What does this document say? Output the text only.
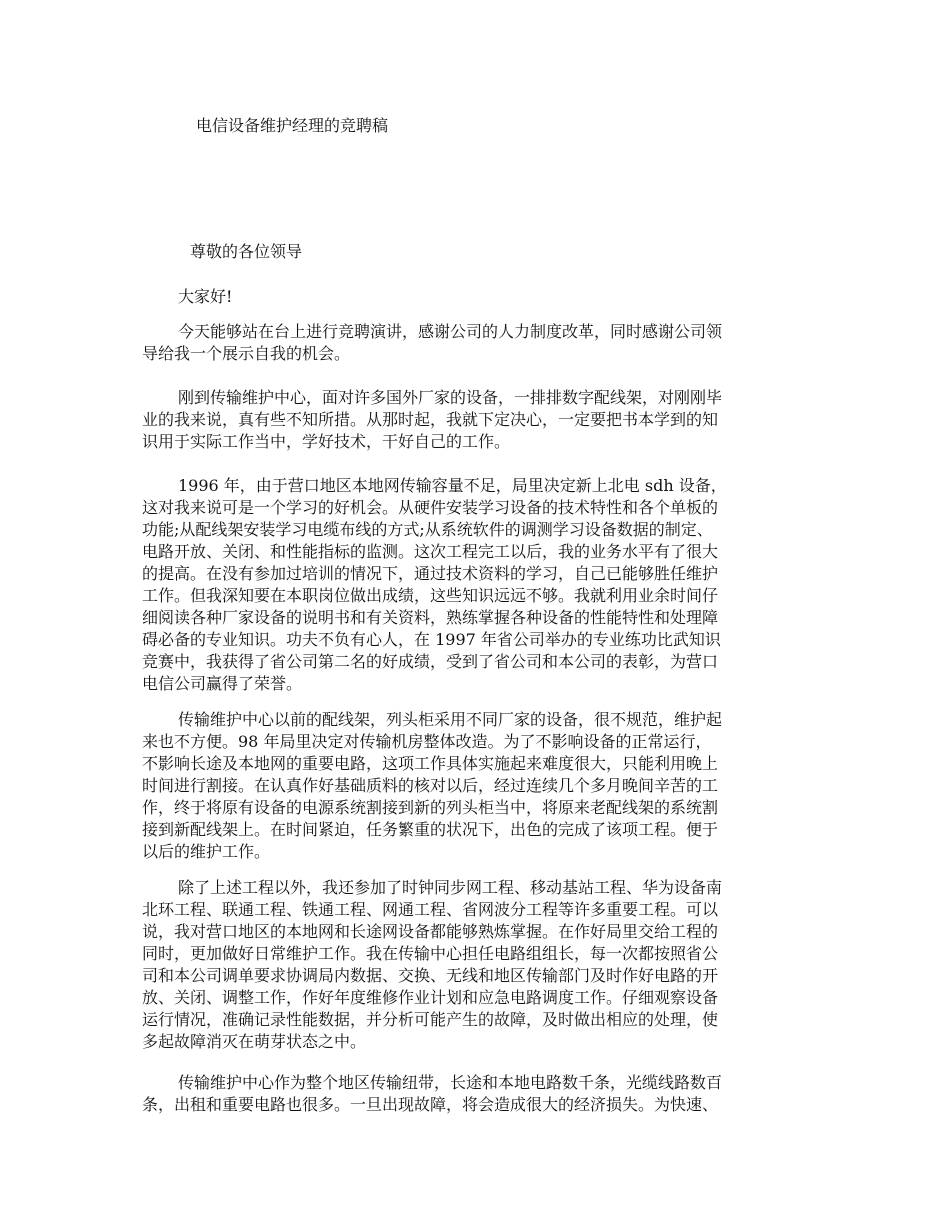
电信设备维护经理的竞聘稿
尊敬的各位领导
大家好!
今天能够站在台上进行竞聘演讲，感谢公司的人力制度改革，同时感谢公司领
导给我一个展示自我的机会。
刚到传输维护中心，面对许多国外厂家的设备，一排排数字配线架，对刚刚毕
业的我来说，真有些不知所措。从那时起，我就下定决心，一定要把书本学到的知
识用于实际工作当中，学好技术，干好自己的工作。
1996 年，由于营口地区本地网传输容量不足，局里决定新上北电 sdh 设备，
这对我来说可是一个学习的好机会。从硬件安装学习设备的技术特性和各个单板的
功能;从配线架安装学习电缆布线的方式;从系统软件的调测学习设备数据的制定、
电路开放、关闭、和性能指标的监测。这次工程完工以后，我的业务水平有了很大
的提高。在没有参加过培训的情况下，通过技术资料的学习，自己已能够胜任维护
工作。但我深知要在本职岗位做出成绩，这些知识远远不够。我就利用业余时间仔
细阅读各种厂家设备的说明书和有关资料，熟练掌握各种设备的性能特性和处理障
碍必备的专业知识。功夫不负有心人，在 1997 年省公司举办的专业练功比武知识
竞赛中，我获得了省公司第二名的好成绩，受到了省公司和本公司的表彰，为营口
电信公司赢得了荣誉。
传输维护中心以前的配线架，列头柜采用不同厂家的设备，很不规范，维护起
来也不方便。98 年局里决定对传输机房整体改造。为了不影响设备的正常运行，
不影响长途及本地网的重要电路，这项工作具体实施起来难度很大，只能利用晚上
时间进行割接。在认真作好基础质料的核对以后，经过连续几个多月晚间辛苦的工
作，终于将原有设备的电源系统割接到新的列头柜当中，将原来老配线架的系统割
接到新配线架上。在时间紧迫，任务繁重的状况下，出色的完成了该项工程。便于
以后的维护工作。
除了上述工程以外，我还参加了时钟同步网工程、移动基站工程、华为设备南
北环工程、联通工程、铁通工程、网通工程、省网波分工程等许多重要工程。可以
说，我对营口地区的本地网和长途网设备都能够熟炼掌握。在作好局里交给工程的
同时，更加做好日常维护工作。我在传输中心担任电路组组长，每一次都按照省公
司和本公司调单要求协调局内数据、交换、无线和地区传输部门及时作好电路的开
放、关闭、调整工作，作好年度维修作业计划和应急电路调度工作。仔细观察设备
运行情况，准确记录性能数据，并分析可能产生的故障，及时做出相应的处理，使
多起故障消灭在萌芽状态之中。
传输维护中心作为整个地区传输纽带，长途和本地电路数千条，光缆线路数百
条，出租和重要电路也很多。一旦出现故障，将会造成很大的经济损失。为快速、
